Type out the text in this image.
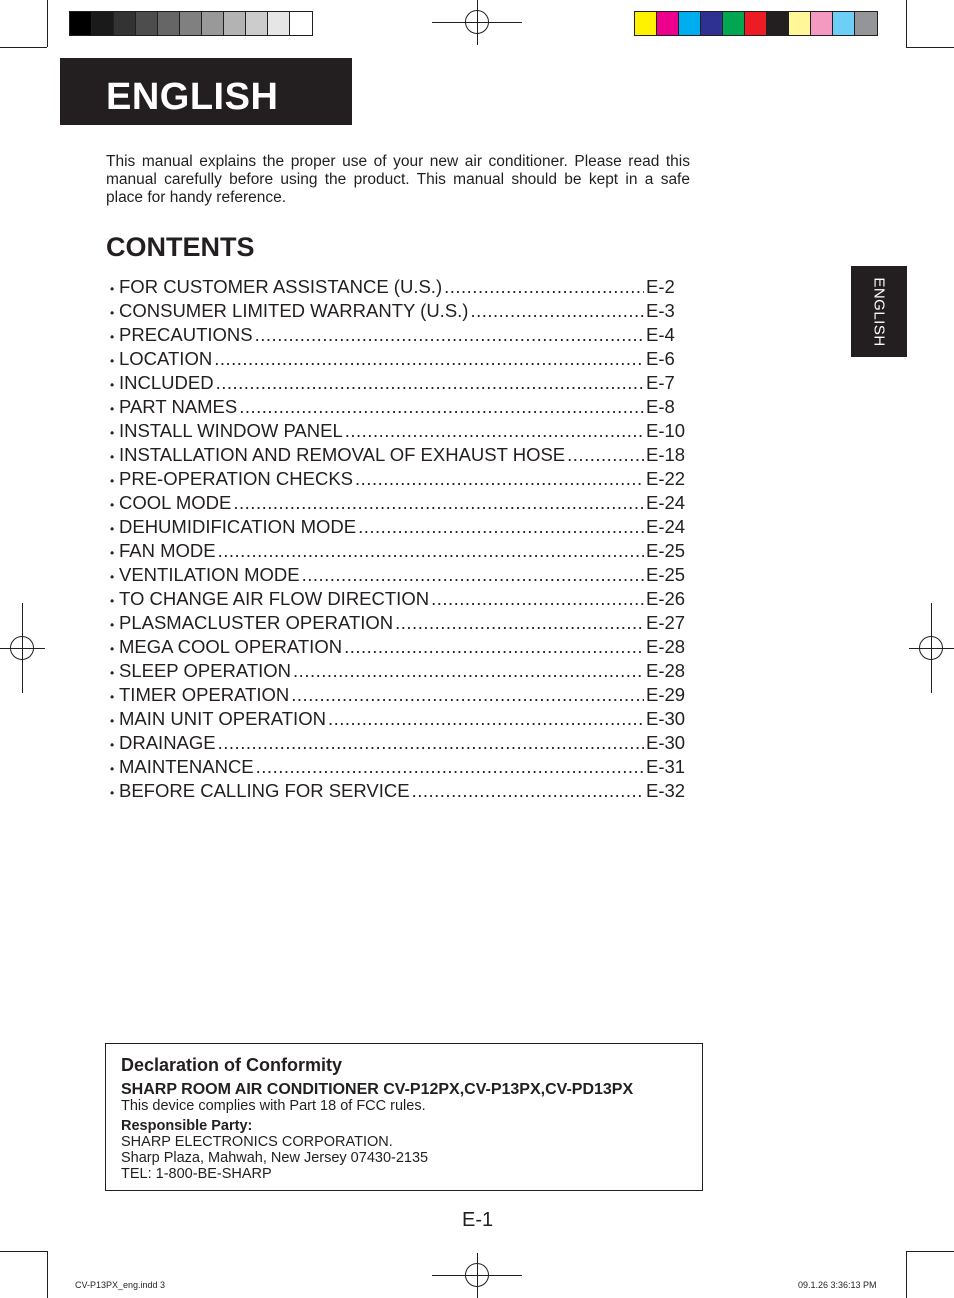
ENGLISH
ENGLISH

This manual explains the proper use of your new air conditioner. Please read this manual carefully before using the product. This manual should be kept in a safe place for handy reference.

CONTENTS
• FOR CUSTOMER ASSISTANCE (U.S.) .....	E-2
• CONSUMER LIMITED WARRANTY (U.S.) .....	E-3
• PRECAUTIONS .....	E-4
• LOCATION .....	E-6
• INCLUDED .....	E-7
• PART NAMES .....	E-8
• INSTALL WINDOW PANEL .....	E-10
• INSTALLATION AND REMOVAL OF EXHAUST HOSE .....	E-18
• PRE-OPERATION CHECKS .....	E-22
• COOL MODE .....	E-24
• DEHUMIDIFICATION MODE .....	E-24
• FAN MODE .....	E-25
• VENTILATION MODE .....	E-25
• TO CHANGE AIR FLOW DIRECTION .....	E-26
• PLASMACLUSTER OPERATION .....	E-27
• MEGA COOL OPERATION .....	E-28
• SLEEP OPERATION .....	E-28
• TIMER OPERATION .....	E-29
• MAIN UNIT OPERATION .....	E-30
• DRAINAGE .....	E-30
• MAINTENANCE .....	E-31
• BEFORE CALLING FOR SERVICE .....	E-32
Declaration of Conformity
SHARP ROOM AIR CONDITIONER CV-P12PX,CV-P13PX,CV-PD13PX
This device complies with Part 18 of FCC rules.
Responsible Party:
SHARP ELECTRONICS CORPORATION.
Sharp Plaza, Mahwah, New Jersey 07430-2135
TEL: 1-800-BE-SHARP
E-1
CV-P13PX_eng.indd 3	09.1.26 3:36:13 PM
